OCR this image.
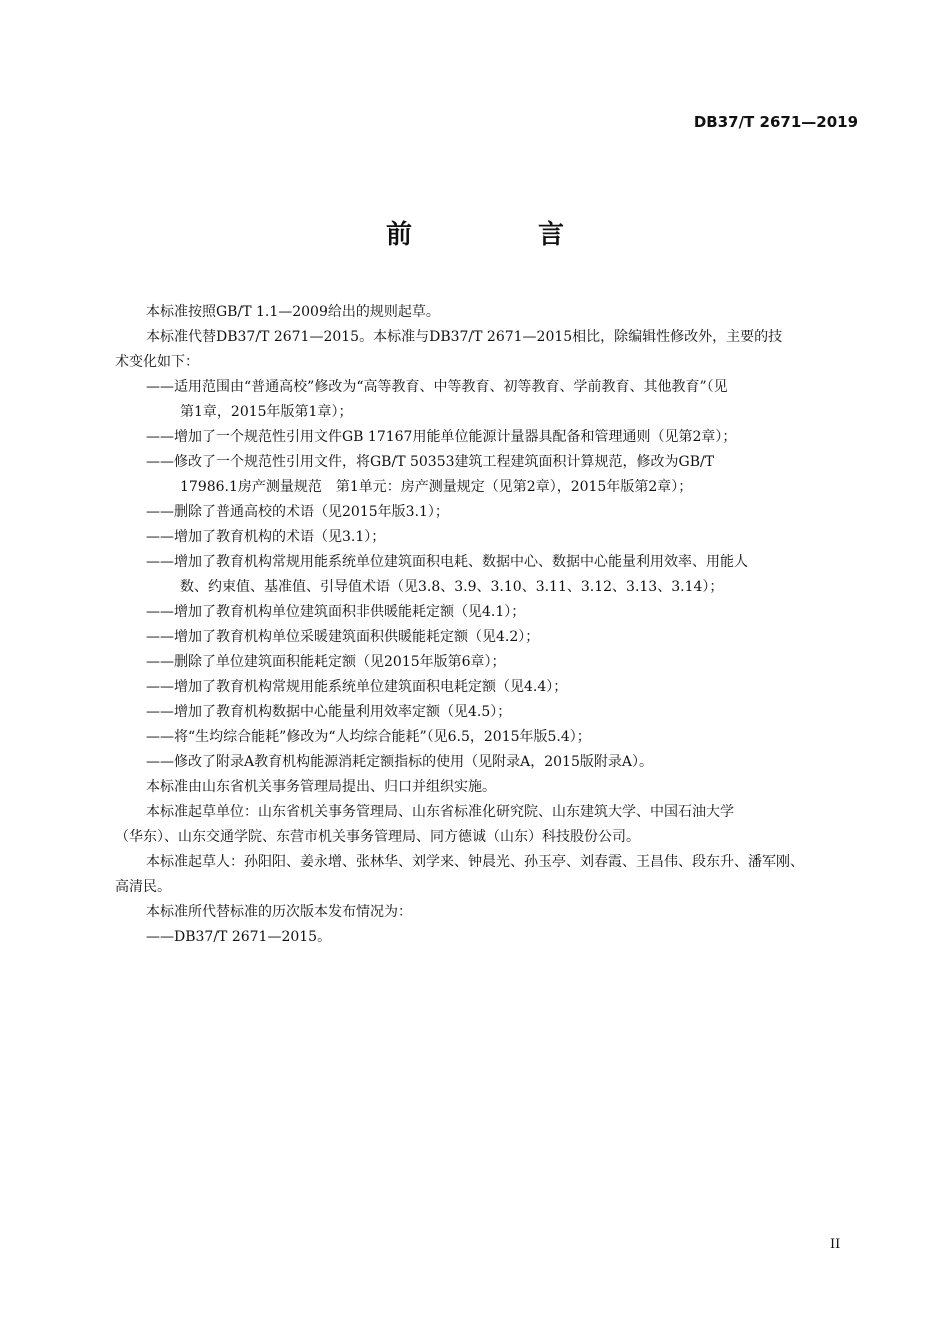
DB37/T 2671—2019
前　言
本标准按照GB/T 1.1—2009给出的规则起草。
本标准代替DB37/T 2671—2015。本标准与DB37/T 2671—2015相比，除编辑性修改外，主要的技
术变化如下：
——适用范围由“普通高校”修改为“高等教育、中等教育、初等教育、学前教育、其他教育”（见
第1章，2015年版第1章）；
——增加了一个规范性引用文件GB 17167用能单位能源计量器具配备和管理通则（见第2章）；
——修改了一个规范性引用文件，将GB/T 50353建筑工程建筑面积计算规范，修改为GB/T
17986.1房产测量规范　第1单元：房产测量规定（见第2章），2015年版第2章）；
——删除了普通高校的术语（见2015年版3.1）；
——增加了教育机构的术语（见3.1）；
——增加了教育机构常规用能系统单位建筑面积电耗、数据中心、数据中心能量利用效率、用能人
数、约束值、基准值、引导值术语（见3.8、3.9、3.10、3.11、3.12、3.13、3.14）；
——增加了教育机构单位建筑面积非供暖能耗定额（见4.1）；
——增加了教育机构单位采暖建筑面积供暖能耗定额（见4.2）；
——删除了单位建筑面积能耗定额（见2015年版第6章）；
——增加了教育机构常规用能系统单位建筑面积电耗定额（见4.4）；
——增加了教育机构数据中心能量利用效率定额（见4.5）；
——将“生均综合能耗”修改为“人均综合能耗”（见6.5，2015年版5.4）；
——修改了附录A教育机构能源消耗定额指标的使用（见附录A，2015版附录A）。
本标准由山东省机关事务管理局提出、归口并组织实施。
本标准起草单位：山东省机关事务管理局、山东省标准化研究院、山东建筑大学、中国石油大学
（华东）、山东交通学院、东营市机关事务管理局、同方德诚（山东）科技股份公司。
本标准起草人：孙阳阳、姜永增、张林华、刘学来、钟晨光、孙玉亭、刘春霞、王昌伟、段东升、潘军刚、
高清民。
本标准所代替标准的历次版本发布情况为：
——DB37/T 2671—2015。
II
